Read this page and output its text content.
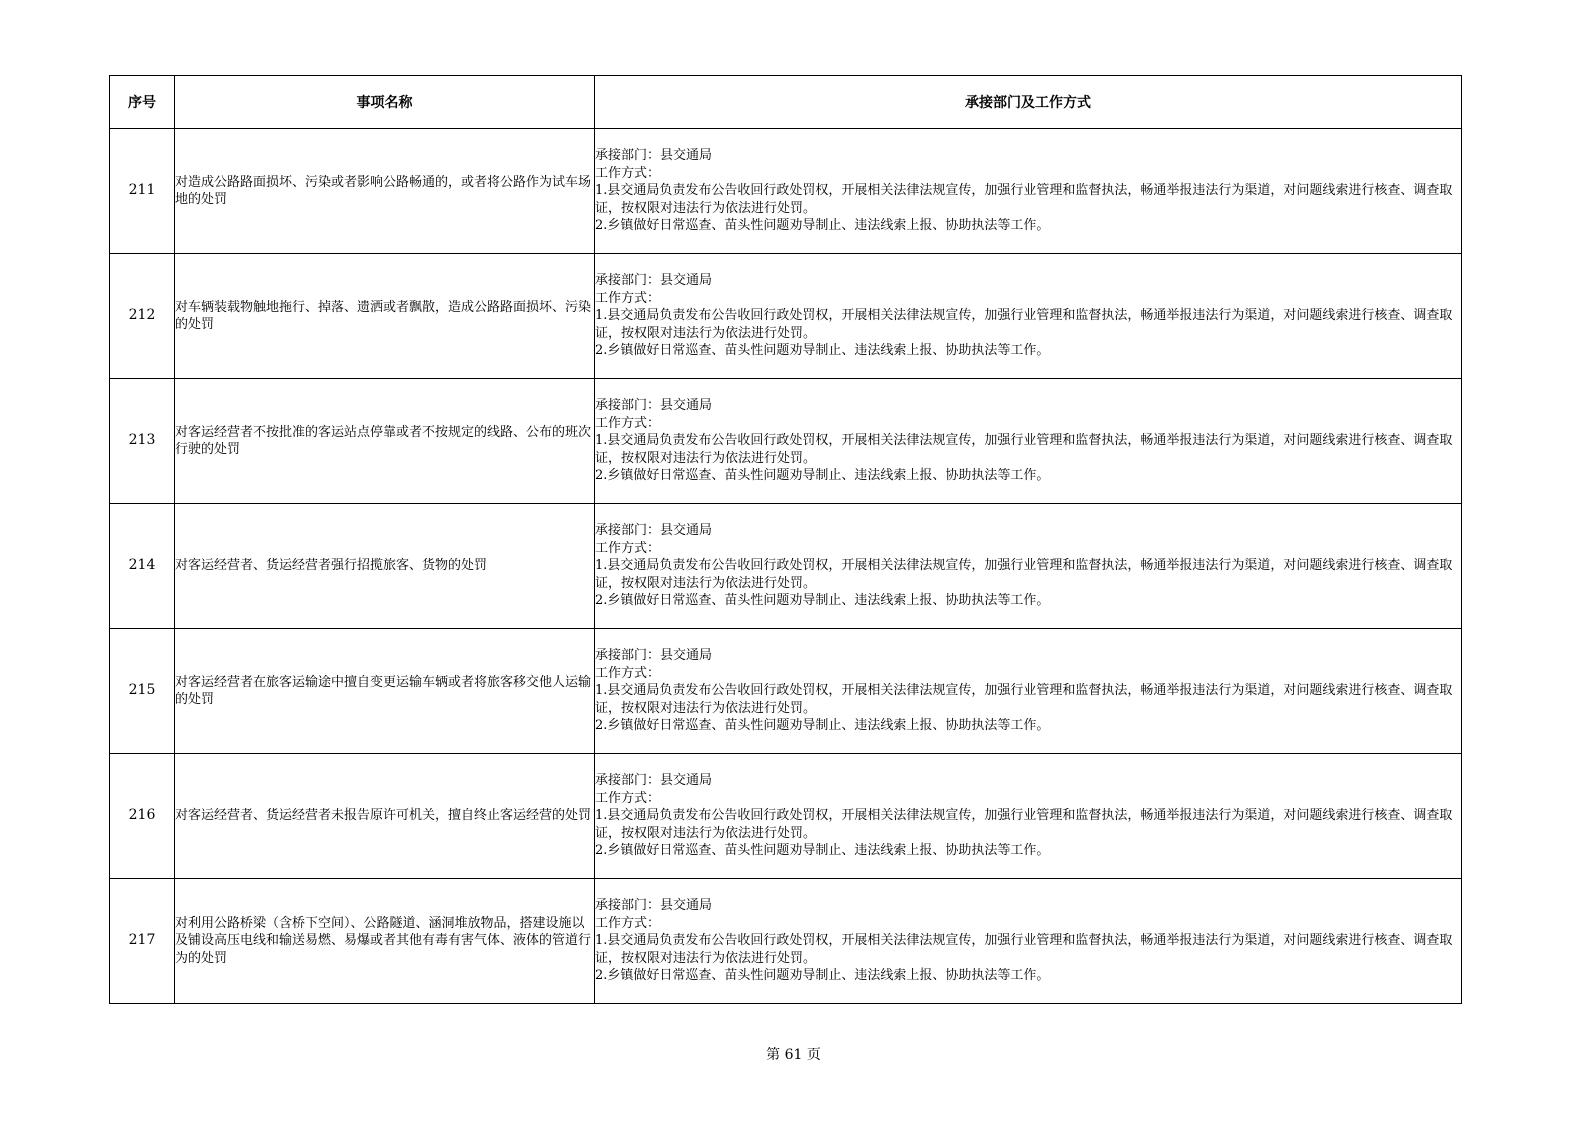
序号	事项名称	承接部门及工作方式
211	对造成公路路面损坏、污染或者影响公路畅通的，或者将公路作为试车场地的处罚	承接部门：县交通局
工作方式：
1.县交通局负责发布公告收回行政处罚权，开展相关法律法规宣传，加强行业管理和监督执法，畅通举报违法行为渠道，对问题线索进行核查、调查取证，按权限对违法行为依法进行处罚。
2.乡镇做好日常巡查、苗头性问题劝导制止、违法线索上报、协助执法等工作。

212	对车辆装载物触地拖行、掉落、遗洒或者飘散，造成公路路面损坏、污染的处罚	承接部门：县交通局
工作方式：
1.县交通局负责发布公告收回行政处罚权，开展相关法律法规宣传，加强行业管理和监督执法，畅通举报违法行为渠道，对问题线索进行核查、调查取证，按权限对违法行为依法进行处罚。
2.乡镇做好日常巡查、苗头性问题劝导制止、违法线索上报、协助执法等工作。

213	对客运经营者不按批准的客运站点停靠或者不按规定的线路、公布的班次行驶的处罚	承接部门：县交通局
工作方式：
1.县交通局负责发布公告收回行政处罚权，开展相关法律法规宣传，加强行业管理和监督执法，畅通举报违法行为渠道，对问题线索进行核查、调查取证，按权限对违法行为依法进行处罚。
2.乡镇做好日常巡查、苗头性问题劝导制止、违法线索上报、协助执法等工作。

214	对客运经营者、货运经营者强行招揽旅客、货物的处罚	承接部门：县交通局
工作方式：
1.县交通局负责发布公告收回行政处罚权，开展相关法律法规宣传，加强行业管理和监督执法，畅通举报违法行为渠道，对问题线索进行核查、调查取证，按权限对违法行为依法进行处罚。
2.乡镇做好日常巡查、苗头性问题劝导制止、违法线索上报、协助执法等工作。

215	对客运经营者在旅客运输途中擅自变更运输车辆或者将旅客移交他人运输的处罚	承接部门：县交通局
工作方式：
1.县交通局负责发布公告收回行政处罚权，开展相关法律法规宣传，加强行业管理和监督执法，畅通举报违法行为渠道，对问题线索进行核查、调查取证，按权限对违法行为依法进行处罚。
2.乡镇做好日常巡查、苗头性问题劝导制止、违法线索上报、协助执法等工作。

216	对客运经营者、货运经营者未报告原许可机关，擅自终止客运经营的处罚	承接部门：县交通局
工作方式：
1.县交通局负责发布公告收回行政处罚权，开展相关法律法规宣传，加强行业管理和监督执法，畅通举报违法行为渠道，对问题线索进行核查、调查取证，按权限对违法行为依法进行处罚。
2.乡镇做好日常巡查、苗头性问题劝导制止、违法线索上报、协助执法等工作。

217	对利用公路桥梁（含桥下空间）、公路隧道、涵洞堆放物品，搭建设施以及铺设高压电线和输送易燃、易爆或者其他有毒有害气体、液体的管道行为的处罚	承接部门：县交通局
工作方式：
1.县交通局负责发布公告收回行政处罚权，开展相关法律法规宣传，加强行业管理和监督执法，畅通举报违法行为渠道，对问题线索进行核查、调查取证，按权限对违法行为依法进行处罚。
2.乡镇做好日常巡查、苗头性问题劝导制止、违法线索上报、协助执法等工作。
第 61 页
